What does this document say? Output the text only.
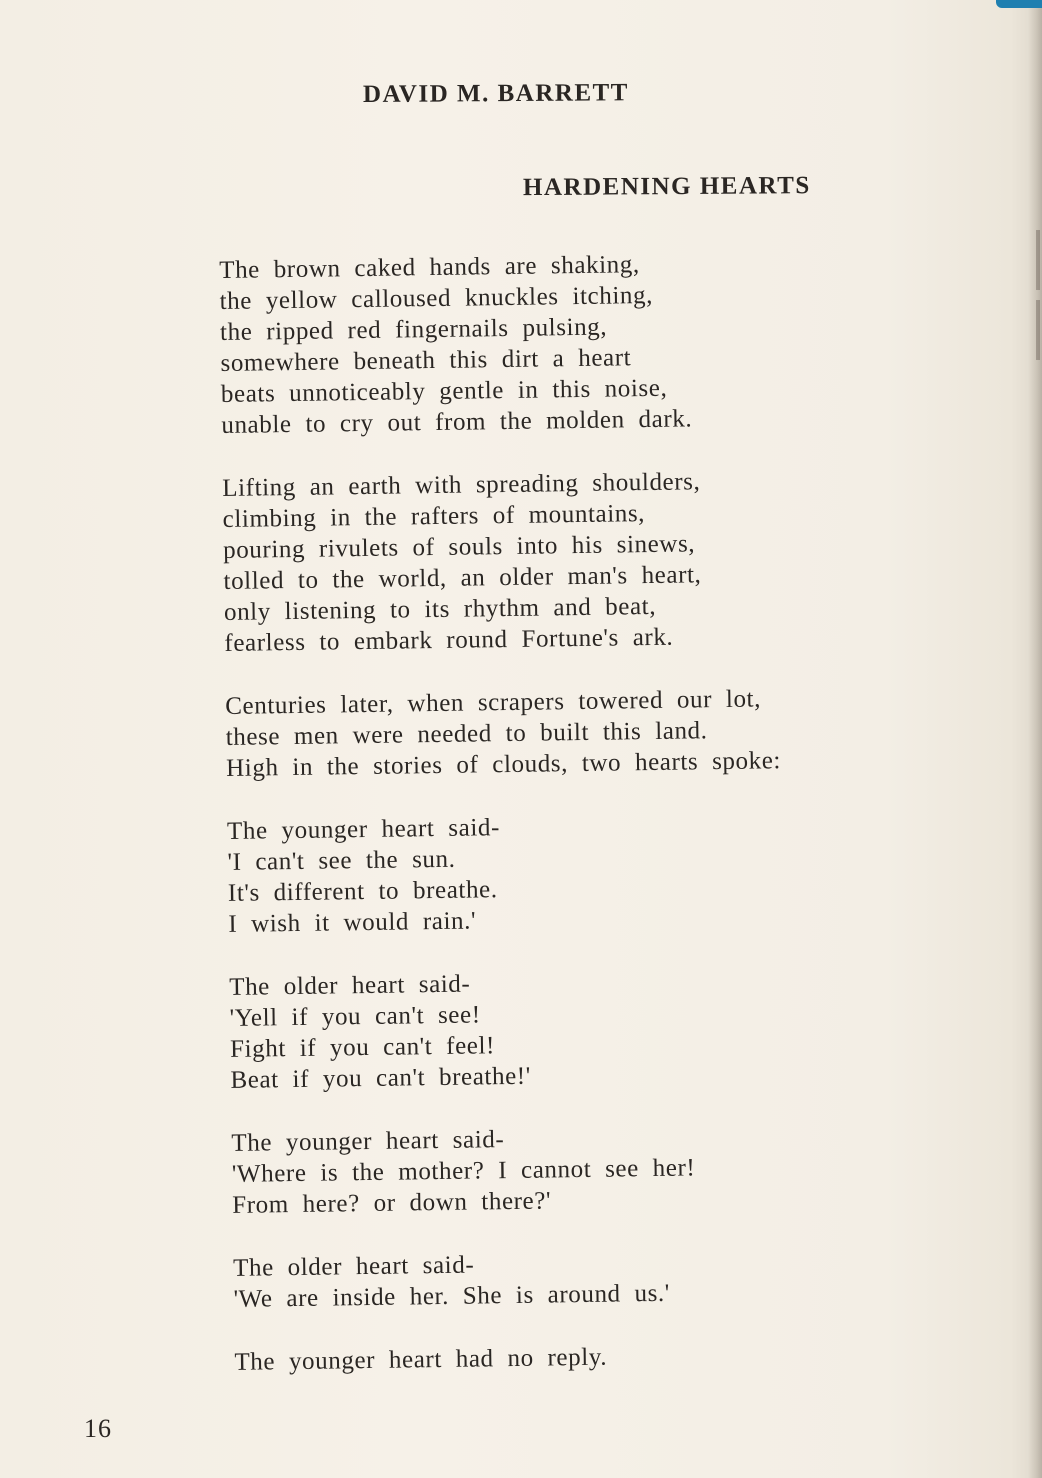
DAVID M. BARRETT
HARDENING HEARTS
The brown caked hands are shaking,
the yellow calloused knuckles itching,
the ripped red fingernails pulsing,
somewhere beneath this dirt a heart
beats unnoticeably gentle in this noise,
unable to cry out from the molden dark.
Lifting an earth with spreading shoulders,
climbing in the rafters of mountains,
pouring rivulets of souls into his sinews,
tolled to the world, an older man's heart,
only listening to its rhythm and beat,
fearless to embark round Fortune's ark.
Centuries later, when scrapers towered our lot,
these men were needed to built this land.
High in the stories of clouds, two hearts spoke:
The younger heart said-
'I can't see the sun.
It's different to breathe.
I wish it would rain.'
The older heart said-
'Yell if you can't see!
Fight if you can't feel!
Beat if you can't breathe!'
The younger heart said-
'Where is the mother? I cannot see her!
From here? or down there?'
The older heart said-
'We are inside her. She is around us.'
The younger heart had no reply.
16
